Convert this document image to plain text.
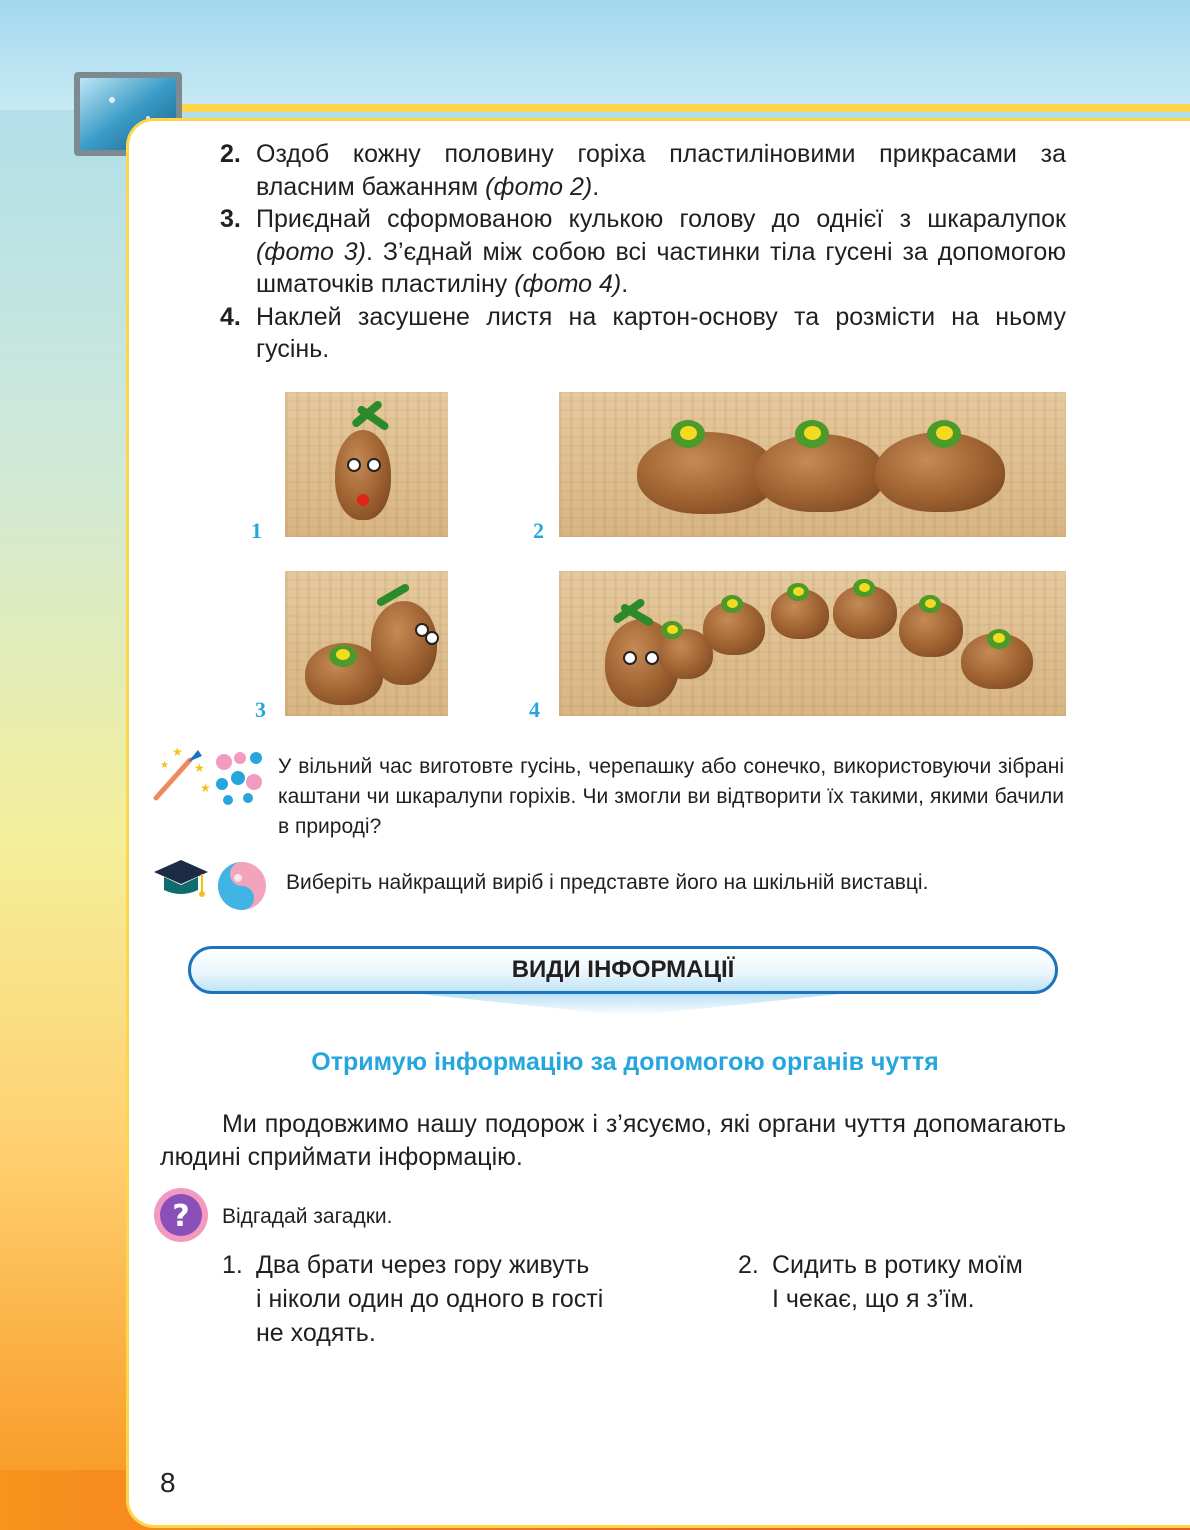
2. Оздоб кожну половину горіха пластиліновими прикрасами за власним бажанням (фото 2).
3. Приєднай сформованою кулькою голову до однієї з шкаралупок (фото 3). З’єднай між собою всі частинки тіла гусені за допомогою шматочків пластиліну (фото 4).
4. Наклей засушене листя на картон-основу та розмісти на ньому гусінь.
1	2
3	4
★
★
★
★	У вільний час виготовте гусінь, черепашку або сонечко, використовуючи зібрані каштани чи шкаралупи горіхів. Чи змогли ви відтворити їх такими, якими бачили в природі?
Виберіть найкращий виріб і представте його на шкільній виставці.
ВИДИ ІНФОРМАЦІЇ
Отримую інформацію за допомогою органів чуття
Ми продовжимо нашу подорож і з’ясуємо, які органи чуття допомагають людині сприймати інформацію.
? Відгадай загадки.
1. Два брати через гору живуть
і ніколи один до одного в гості
не ходять.
2. Сидить в ротику моїм
І чекає, що я з’їм.
8
